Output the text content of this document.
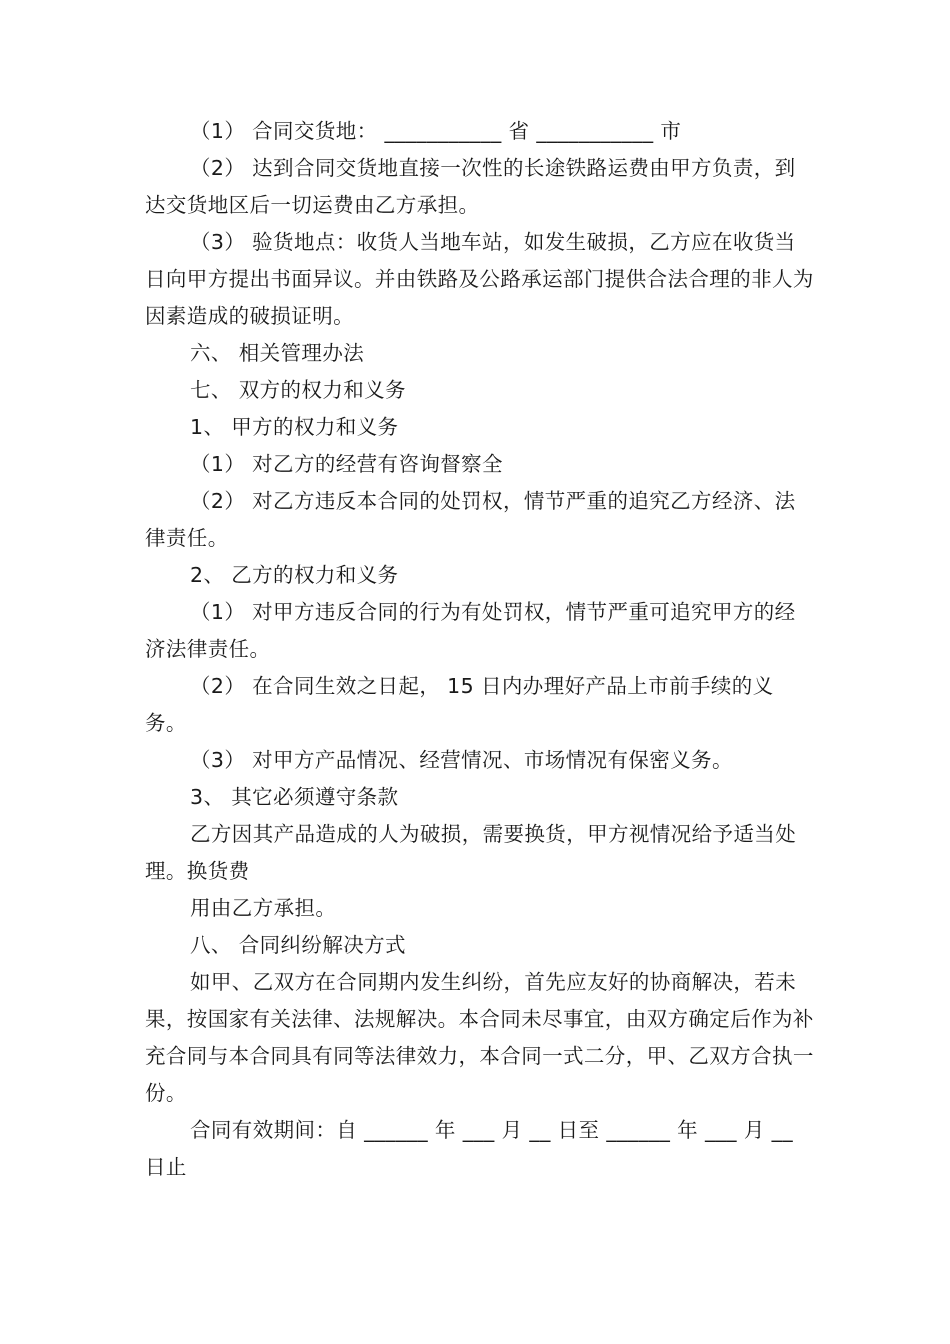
（1） 合同交货地： ___________ 省 ___________ 市

（2） 达到合同交货地直接一次性的长途铁路运费由甲方负责，到达交货地区后一切运费由乙方承担。

（3） 验货地点：收货人当地车站，如发生破损，乙方应在收货当日向甲方提出书面异议。并由铁路及公路承运部门提供合法合理的非人为因素造成的破损证明。

六、 相关管理办法

七、 双方的权力和义务

1、 甲方的权力和义务

（1） 对乙方的经营有咨询督察全

（2） 对乙方违反本合同的处罚权，情节严重的追究乙方经济、法律责任。

2、 乙方的权力和义务

（1） 对甲方违反合同的行为有处罚权，情节严重可追究甲方的经济法律责任。

（2） 在合同生效之日起， 15 日内办理好产品上市前手续的义务。

（3） 对甲方产品情况、经营情况、市场情况有保密义务。

3、 其它必须遵守条款

乙方因其产品造成的人为破损，需要换货，甲方视情况给予适当处理。换货费

用由乙方承担。

八、 合同纠纷解决方式

如甲、乙双方在合同期内发生纠纷，首先应友好的协商解决，若未果，按国家有关法律、法规解决。本合同未尽事宜，由双方确定后作为补充合同与本合同具有同等法律效力，本合同一式二分，甲、乙双方合执一份。

合同有效期间：自 ______ 年 ___ 月 __ 日至 ______ 年 ___ 月 __ 日止
